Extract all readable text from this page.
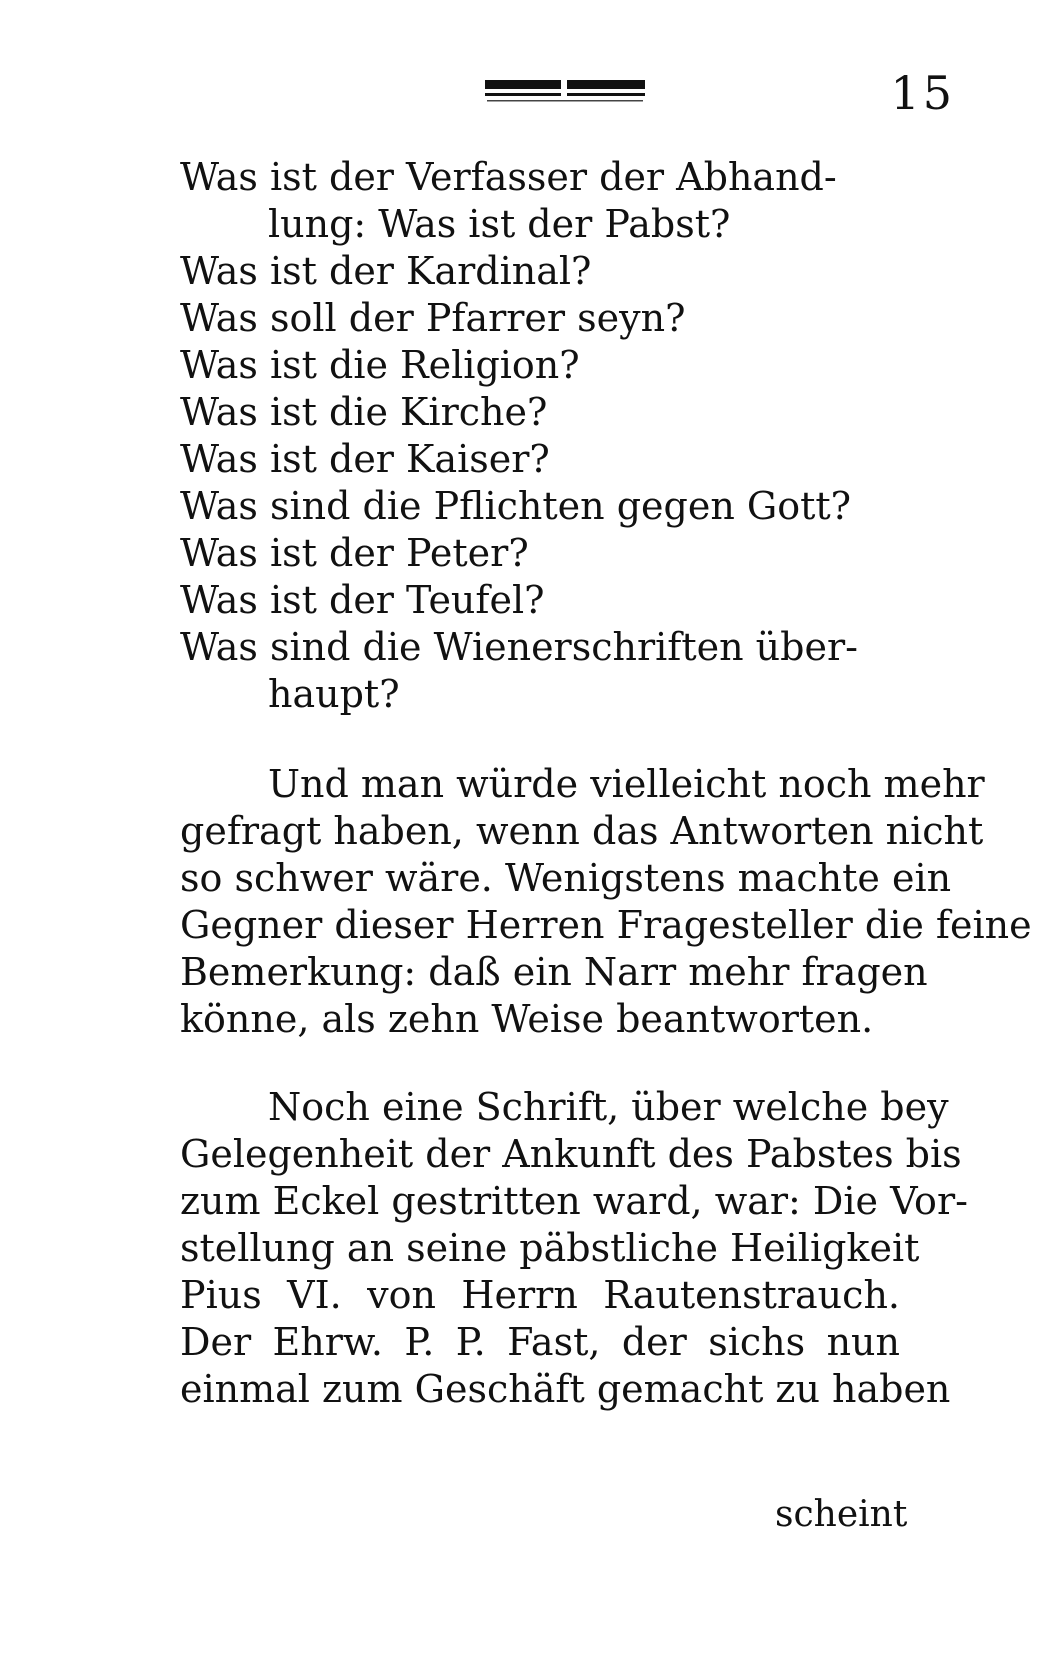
15
Was ist der Verfasser der Abhand-
lung: Was ist der Pabst?
Was ist der Kardinal?
Was soll der Pfarrer seyn?
Was ist die Religion?
Was ist die Kirche?
Was ist der Kaiser?
Was sind die Pflichten gegen Gott?
Was ist der Peter?
Was ist der Teufel?
Was sind die Wienerschriften über-
haupt?
Und man würde vielleicht noch mehr
gefragt haben, wenn das Antworten nicht
so schwer wäre. Wenigstens machte ein
Gegner dieser Herren Fragesteller die feine
Bemerkung: daß ein Narr mehr fragen
könne, als zehn Weise beantworten.
Noch eine Schrift, über welche bey
Gelegenheit der Ankunft des Pabstes bis
zum Eckel gestritten ward, war: Die Vor-
stellung an seine päbstliche Heiligkeit
Pius VI. von Herrn Rautenstrauch.
Der Ehrw. P. P. Fast, der sichs nun
einmal zum Geschäft gemacht zu haben
scheint
